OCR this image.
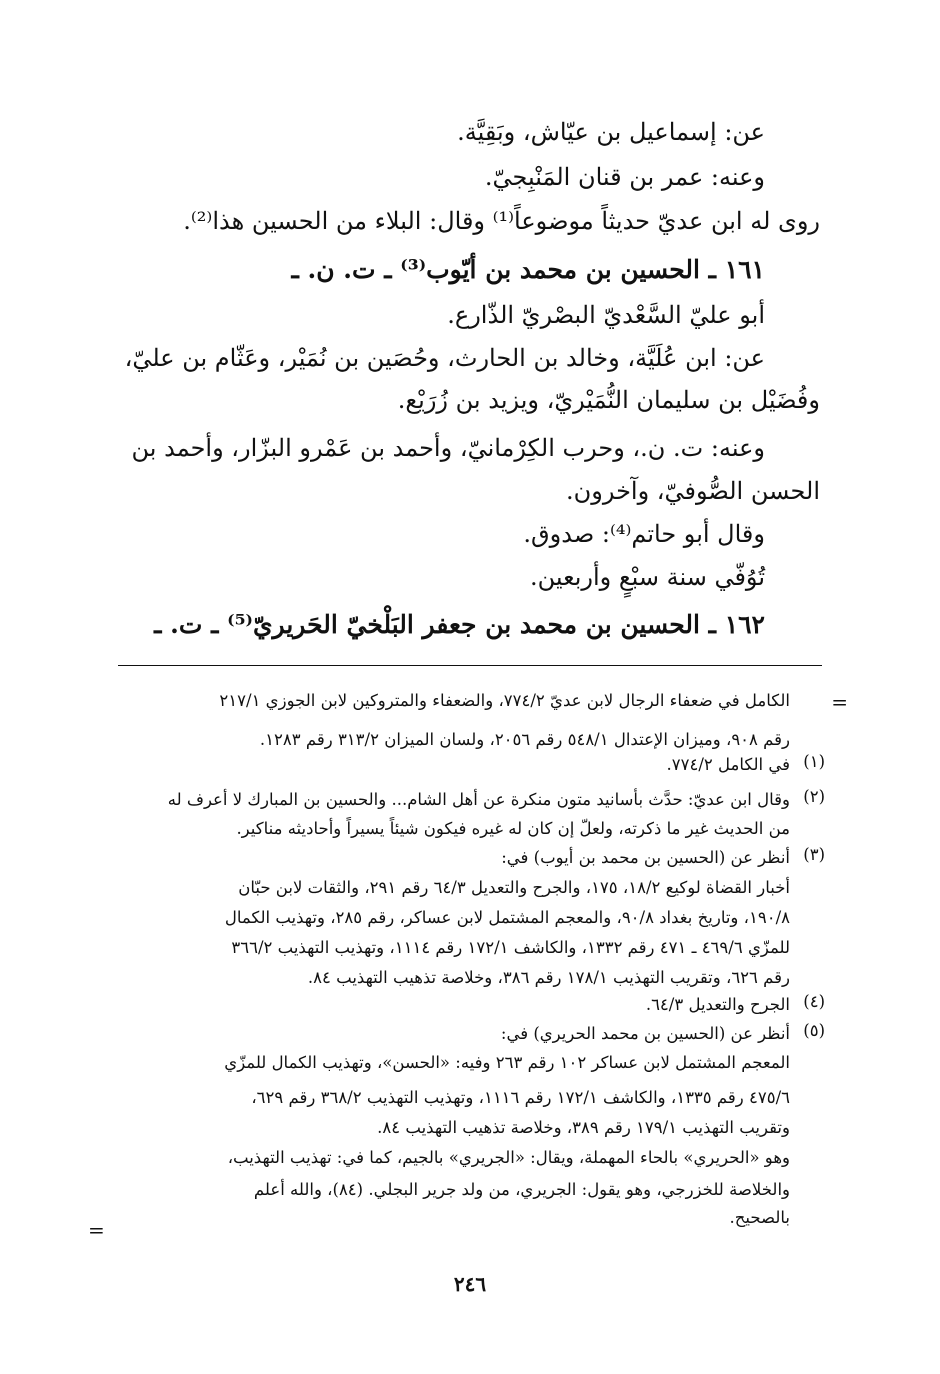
عن: إسماعيل بن عيّاش، وبَقِيَّة.
وعنه: عمر بن قنان المَنْبِجيّ.
روى له ابن عديّ حديثاً موضوعاً⁽¹⁾ وقال: البلاء من الحسين هذا⁽²⁾.
١٦١ ـ الحسين بن محمد بن أيّوب⁽³⁾ ـ ت. ن. ـ
أبو عليّ السَّعْديّ البصْريّ الذّارع.
عن: ابن عُلَيَّة، وخالد بن الحارث، وحُصَين بن نُمَيْر، وعَثّام بن عليّ،
وفُضَيْل بن سليمان النُّمَيْريّ، ويزيد بن زُرَيْع.
وعنه: ت. ن.، وحرب الكِرْمانيّ، وأحمد بن عَمْرو البزّار، وأحمد بن
الحسن الصُّوفيّ، وآخرون.
وقال أبو حاتم⁽⁴⁾: صدوق.
تُوُفّي سنة سبْعٍ وأربعين.
١٦٢ ـ الحسين بن محمد بن جعفر البَلْخيّ الحَريريّ⁽⁵⁾ ـ ت. ـ
=
الكامل في ضعفاء الرجال لابن عديّ ٧٧٤/٢، والضعفاء والمتروكين لابن الجوزي ٢١٧/١
رقم ٩٠٨، وميزان الإعتدال ٥٤٨/١ رقم ٢٠٥٦، ولسان الميزان ٣١٣/٢ رقم ١٢٨٣.
(١)
في الكامل ٧٧٤/٢.
(٢)
وقال ابن عديّ: حدَّث بأسانيد متون منكرة عن أهل الشام... والحسين بن المبارك لا أعرف له
من الحديث غير ما ذكرته، ولعلّ إن كان له غيره فيكون شيئاً يسيراً وأحاديثه مناكير.
(٣)
أنظر عن (الحسين بن محمد بن أيوب) في:
أخبار القضاة لوكيع ١٨/٢، ١٧٥، والجرح والتعديل ٦٤/٣ رقم ٢٩١، والثقات لابن حبّان
١٩٠/٨، وتاريخ بغداد ٩٠/٨، والمعجم المشتمل لابن عساكر، رقم ٢٨٥، وتهذيب الكمال
للمزّي ٤٦٩/٦ ـ ٤٧١ رقم ١٣٣٢، والكاشف ١٧٢/١ رقم ١١١٤، وتهذيب التهذيب ٣٦٦/٢
رقم ٦٢٦، وتقريب التهذيب ١٧٨/١ رقم ٣٨٦، وخلاصة تذهيب التهذيب ٨٤.
(٤)
الجرح والتعديل ٦٤/٣.
(٥)
أنظر عن (الحسين بن محمد الحريري) في:
المعجم المشتمل لابن عساكر ١٠٢ رقم ٢٦٣ وفيه: «الحسن»، وتهذيب الكمال للمزّي
٤٧٥/٦ رقم ١٣٣٥، والكاشف ١٧٢/١ رقم ١١١٦، وتهذيب التهذيب ٣٦٨/٢ رقم ٦٢٩،
وتقريب التهذيب ١٧٩/١ رقم ٣٨٩، وخلاصة تذهيب التهذيب ٨٤.
وهو «الحريري» بالحاء المهملة، ويقال: «الجريري» بالجيم، كما في: تهذيب التهذيب،
والخلاصة للخزرجي، وهو يقول: الجريري، من ولد جرير البجلي. (٨٤)، والله أعلم
بالصحيح.
=
٢٤٦
